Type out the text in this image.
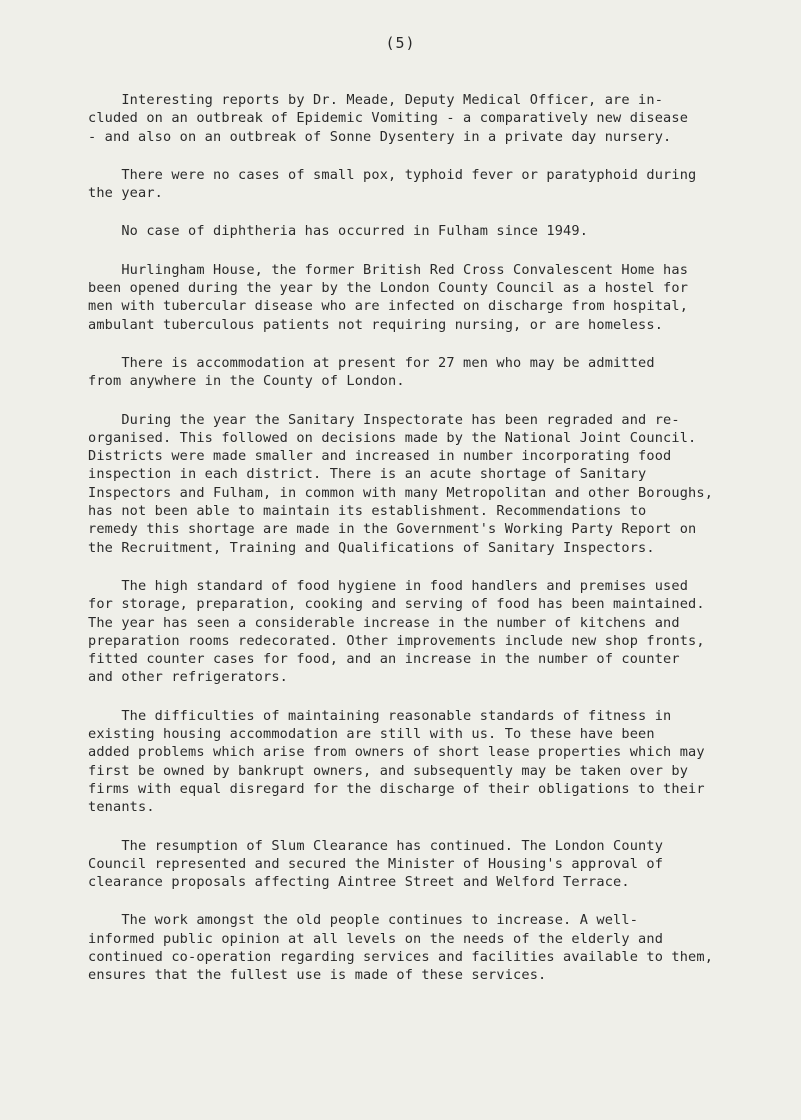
(5)

Interesting reports by Dr. Meade, Deputy Medical Officer, are in-
cluded on an outbreak of Epidemic Vomiting - a comparatively new disease
- and also on an outbreak of Sonne Dysentery in a private day nursery.

There were no cases of small pox, typhoid fever or paratyphoid during
the year.

No case of diphtheria has occurred in Fulham since 1949.

Hurlingham House, the former British Red Cross Convalescent Home has
been opened during the year by the London County Council as a hostel for
men with tubercular disease who are infected on discharge from hospital,
ambulant tuberculous patients not requiring nursing, or are homeless.

There is accommodation at present for 27 men who may be admitted
from anywhere in the County of London.

During the year the Sanitary Inspectorate has been regraded and re-
organised. This followed on decisions made by the National Joint Council.
Districts were made smaller and increased in number incorporating food
inspection in each district. There is an acute shortage of Sanitary
Inspectors and Fulham, in common with many Metropolitan and other Boroughs,
has not been able to maintain its establishment. Recommendations to
remedy this shortage are made in the Government's Working Party Report on
the Recruitment, Training and Qualifications of Sanitary Inspectors.

The high standard of food hygiene in food handlers and premises used
for storage, preparation, cooking and serving of food has been maintained.
The year has seen a considerable increase in the number of kitchens and
preparation rooms redecorated. Other improvements include new shop fronts,
fitted counter cases for food, and an increase in the number of counter
and other refrigerators.

The difficulties of maintaining reasonable standards of fitness in
existing housing accommodation are still with us. To these have been
added problems which arise from owners of short lease properties which may
first be owned by bankrupt owners, and subsequently may be taken over by
firms with equal disregard for the discharge of their obligations to their
tenants.

The resumption of Slum Clearance has continued. The London County
Council represented and secured the Minister of Housing's approval of
clearance proposals affecting Aintree Street and Welford Terrace.

The work amongst the old people continues to increase. A well-
informed public opinion at all levels on the needs of the elderly and
continued co-operation regarding services and facilities available to them,
ensures that the fullest use is made of these services.
